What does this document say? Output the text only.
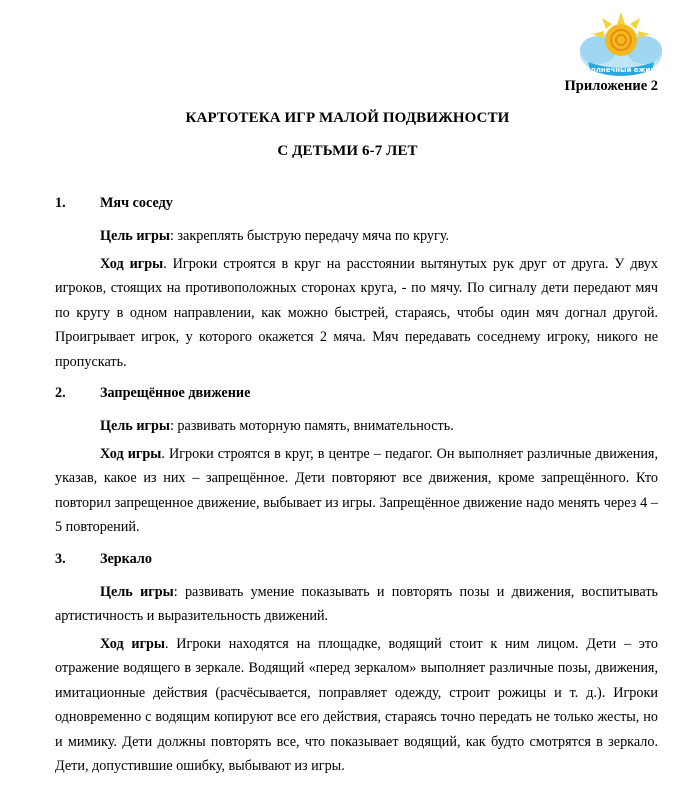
солнечный ежик
Приложение 2
КАРТОТЕКА ИГР МАЛОЙ ПОДВИЖНОСТИ
С ДЕТЬМИ 6-7 ЛЕТ
1.	Мяч соседу

Цель игры: закреплять быструю передачу мяча по кругу.

Ход игры. Игроки строятся в круг на расстоянии вытянутых рук друг от друга. У двух игроков, стоящих на противоположных сторонах круга, - по мячу. По сигналу дети передают мяч по кругу в одном направлении, как можно быстрей, стараясь, чтобы один мяч догнал другой. Проигрывает игрок, у которого окажется 2 мяча. Мяч передавать соседнему игроку, никого не пропускать.

2.	Запрещённое движение

Цель игры: развивать моторную память, внимательность.

Ход игры. Игроки строятся в круг, в центре – педагог. Он выполняет различные движения, указав, какое из них – запрещённое. Дети повторяют все движения, кроме запрещённого. Кто повторил запрещенное движение, выбывает из игры. Запрещённое движение надо менять через 4 – 5 повторений.

3.	Зеркало

Цель игры: развивать умение показывать и повторять позы и движения, воспитывать артистичность и выразительность движений.

Ход игры. Игроки находятся на площадке, водящий стоит к ним лицом. Дети – это отражение водящего в зеркале. Водящий «перед зеркалом» выполняет различные позы, движения, имитационные действия (расчёсывается, поправляет одежду, строит рожицы и т. д.). Игроки одновременно с водящим копируют все его действия, стараясь точно передать не только жесты, но и мимику. Дети должны повторять все, что показывает водящий, как будто смотрятся в зеркало. Дети, допустившие ошибку, выбывают из игры.
